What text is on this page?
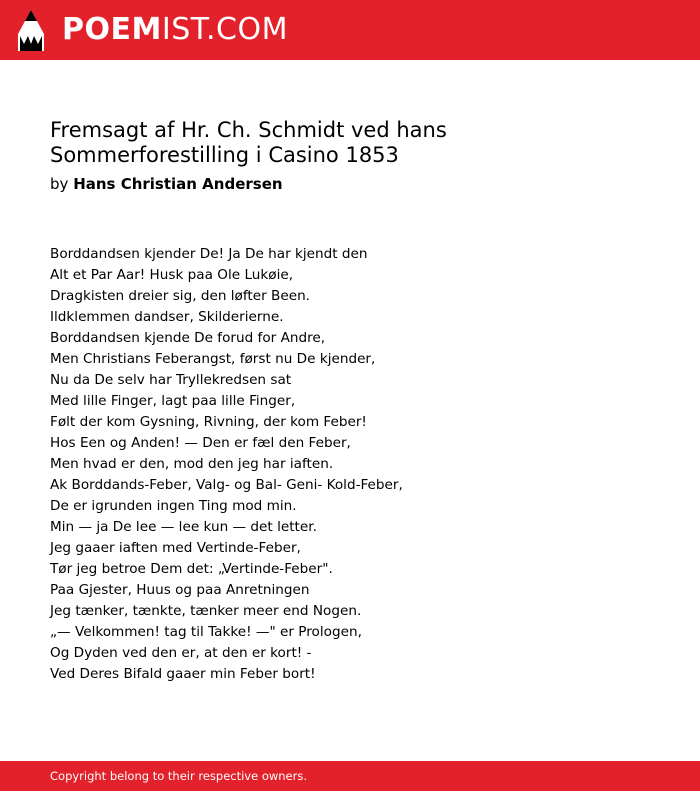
POEMIST.COM
Fremsagt af Hr. Ch. Schmidt ved hans
Sommerforestilling i Casino 1853
by Hans Christian Andersen
Borddandsen kjender De! Ja De har kjendt den
Alt et Par Aar! Husk paa Ole Lukøie,
Dragkisten dreier sig, den løfter Been.
Ildklemmen dandser, Skilderierne.
Borddandsen kjende De forud for Andre,
Men Christians Feberangst, først nu De kjender,
Nu da De selv har Tryllekredsen sat
Med lille Finger, lagt paa lille Finger,
Følt der kom Gysning, Rivning, der kom Feber!
Hos Een og Anden! — Den er fæl den Feber,
Men hvad er den, mod den jeg har iaften.
Ak Borddands-Feber, Valg- og Bal- Geni- Kold-Feber,
De er igrunden ingen Ting mod min.
Min — ja De lee — lee kun — det letter.
Jeg gaaer iaften med Vertinde-Feber,
Tør jeg betroe Dem det: „Vertinde-Feber".
Paa Gjester, Huus og paa Anretningen
Jeg tænker, tænkte, tænker meer end Nogen.
„— Velkommen! tag til Takke! —" er Prologen,
Og Dyden ved den er, at den er kort! -
Ved Deres Bifald gaaer min Feber bort!
Copyright belong to their respective owners.
